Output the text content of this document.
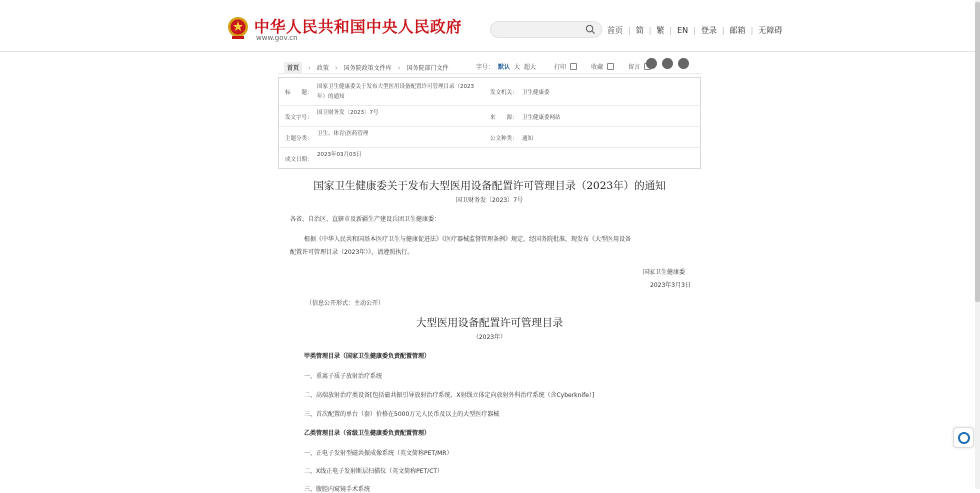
中华人民共和国中央人民政府
www.gov.cn
首页 | 简 | 繁 | EN | 登录 | 邮箱 | 无障碍
首页	› 政策 › 国务院政策文件库 › 国务院部门文件	字号： 默认 大 超大	打印	收藏	留言
标　　题：
国家卫生健康委关于发布大型医用设备配置许可管理目录（2023年）的通知
发文机关： 卫生健康委
发文字号：
国卫财务发〔2023〕7号
来　　源： 卫生健康委网站
主题分类：
卫生、体育\医药管理
公文种类： 通知
成文日期：
2023年03月03日
国家卫生健康委关于发布大型医用设备配置许可管理目录（2023年）的通知
国卫财务发〔2023〕7号
各省、自治区、直辖市及新疆生产建设兵团卫生健康委：
根据《中华人民共和国基本医疗卫生与健康促进法》《医疗器械监督管理条例》规定，经国务院批准，现发布《大型医用设备
配置许可管理目录（2023年）》，请遵照执行。
国家卫生健康委
2023年3月3日
（信息公开形式：主动公开）
大型医用设备配置许可管理目录
（2023年）
甲类管理目录（国家卫生健康委负责配置管理）
一、重离子质子放射治疗系统
二、高端放射治疗类设备[包括磁共振引导放射治疗系统、X射线立体定向放射外科治疗系统（含Cyberknife）]
三、首次配置的单台（套）价格在5000万元人民币及以上的大型医疗器械
乙类管理目录（省级卫生健康委负责配置管理）
一、正电子发射型磁共振成像系统（英文简称PET/MR）
二、X线正电子发射断层扫描仪（英文简称PET/CT）
三、腹腔内窥镜手术系统
